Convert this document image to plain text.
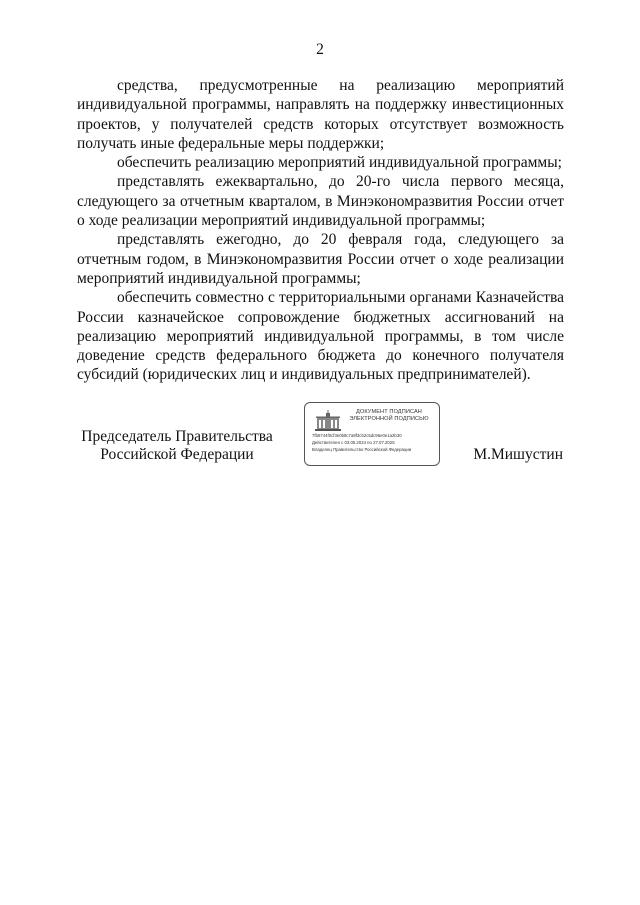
2

средства, предусмотренные на реализацию мероприятий индивидуальной программы, направлять на поддержку инвестиционных проектов, у получателей средств которых отсутствует возможность получать иные федеральные меры поддержки;

обеспечить реализацию мероприятий индивидуальной программы;

представлять ежеквартально, до 20-го числа первого месяца, следующего за отчетным кварталом, в Минэкономразвития России отчет о ходе реализации мероприятий индивидуальной программы;

представлять ежегодно, до 20 февраля года, следующего за отчетным годом, в Минэкономразвития России отчет о ходе реализации мероприятий индивидуальной программы;

обеспечить совместно с территориальными органами Казначейства России казначейское сопровождение бюджетных ассигнований на реализацию мероприятий индивидуальной программы, в том числе доведение средств федерального бюджета до конечного получателя субсидий (юридических лиц и индивидуальных предпринимателей).

Председатель Правительства
Российской Федерации
ДОКУМЕНТ ПОДПИСАН
ЭЛЕКТРОННОЙ ПОДПИСЬЮ
7fb8744f0cf3e0b8c7a9f3cb2c5dc96e0e1a2b30
Действителен с 03.05.2024 по 27.07.2025
Владелец Правительство Российской Федерации	М.Мишустин
